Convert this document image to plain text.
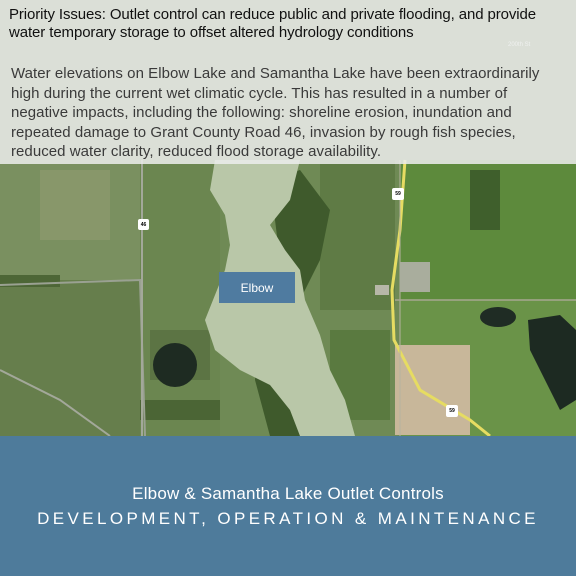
46
59
59
Priority Issues: Outlet control can reduce public and private flooding, and provide water temporary storage to offset altered hydrology conditions
Water elevations on Elbow Lake and Samantha Lake have been extraordinarily high during the current wet climatic cycle. This has resulted in a number of negative impacts, including the following: shoreline erosion, inundation and repeated damage to Grant County Road 46, invasion by rough fish species, reduced water clarity, reduced flood storage availability.
Elbow
Elbow & Samantha Lake Outlet Controls
DEVELOPMENT, OPERATION & MAINTENANCE
